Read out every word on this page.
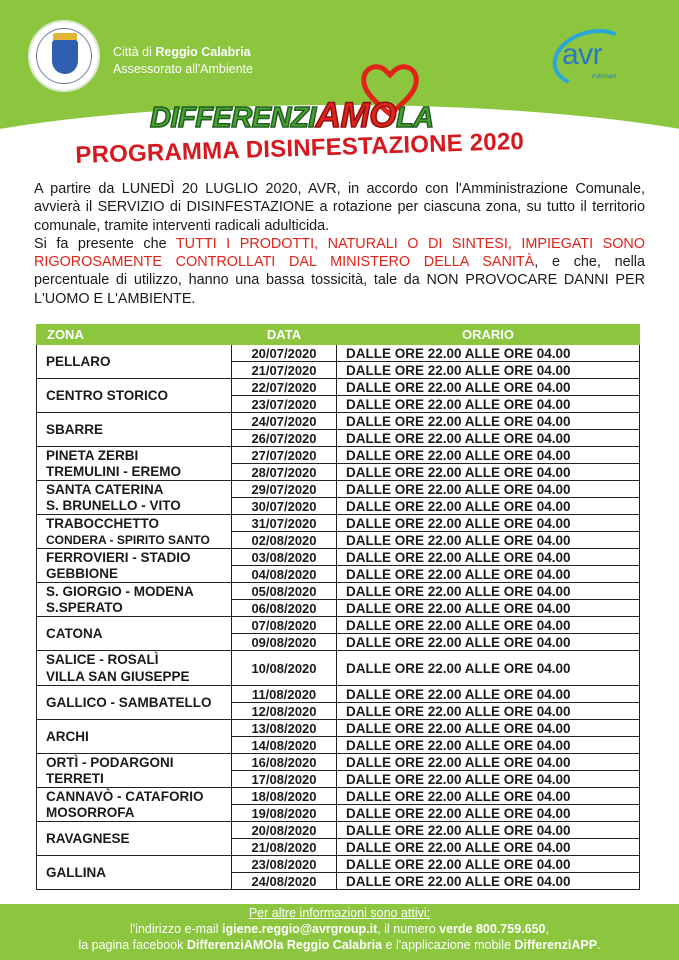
Città di Reggio Calabria
Assessorato all'Ambiente	avr
il domani
DIFFERENZIAMOLA
PROGRAMMA DISINFESTAZIONE 2020
A partire da LUNEDÌ 20 LUGLIO 2020, AVR, in accordo con l'Amministrazione Comunale, avvierà il SERVIZIO di DISINFESTAZIONE a rotazione per ciascuna zona, su tutto il territorio comunale, tramite interventi radicali adulticida.
Si fa presente che TUTTI I PRODOTTI, NATURALI O DI SINTESI, IMPIEGATI SONO RIGOROSAMENTE CONTROLLATI DAL MINISTERO DELLA SANITÀ, e che, nella percentuale di utilizzo, hanno una bassa tossicità, tale da NON PROVOCARE DANNI PER L'UOMO E L'AMBIENTE.
ZONA	DATA	ORARIO
PELLARO	20/07/2020	DALLE ORE 22.00 ALLE ORE 04.00
	21/07/2020	DALLE ORE 22.00 ALLE ORE 04.00
CENTRO STORICO	22/07/2020	DALLE ORE 22.00 ALLE ORE 04.00
	23/07/2020	DALLE ORE 22.00 ALLE ORE 04.00
SBARRE	24/07/2020	DALLE ORE 22.00 ALLE ORE 04.00
	26/07/2020	DALLE ORE 22.00 ALLE ORE 04.00
PINETA ZERBI
TREMULINI - EREMO	27/07/2020	DALLE ORE 22.00 ALLE ORE 04.00
	28/07/2020	DALLE ORE 22.00 ALLE ORE 04.00
SANTA CATERINA
S. BRUNELLO - VITO	29/07/2020	DALLE ORE 22.00 ALLE ORE 04.00
	30/07/2020	DALLE ORE 22.00 ALLE ORE 04.00
TRABOCCHETTO
CONDERA - SPIRITO SANTO	31/07/2020	DALLE ORE 22.00 ALLE ORE 04.00
	02/08/2020	DALLE ORE 22.00 ALLE ORE 04.00
FERROVIERI - STADIO
GEBBIONE	03/08/2020	DALLE ORE 22.00 ALLE ORE 04.00
	04/08/2020	DALLE ORE 22.00 ALLE ORE 04.00
S. GIORGIO - MODENA
S.SPERATO	05/08/2020	DALLE ORE 22.00 ALLE ORE 04.00
	06/08/2020	DALLE ORE 22.00 ALLE ORE 04.00
CATONA	07/08/2020	DALLE ORE 22.00 ALLE ORE 04.00
	09/08/2020	DALLE ORE 22.00 ALLE ORE 04.00
SALICE - ROSALÌ
VILLA SAN GIUSEPPE	10/08/2020	DALLE ORE 22.00 ALLE ORE 04.00
GALLICO - SAMBATELLO	11/08/2020	DALLE ORE 22.00 ALLE ORE 04.00
	12/08/2020	DALLE ORE 22.00 ALLE ORE 04.00
ARCHI	13/08/2020	DALLE ORE 22.00 ALLE ORE 04.00
	14/08/2020	DALLE ORE 22.00 ALLE ORE 04.00
ORTÌ - PODARGONI
TERRETI	16/08/2020	DALLE ORE 22.00 ALLE ORE 04.00
	17/08/2020	DALLE ORE 22.00 ALLE ORE 04.00
CANNAVÒ - CATAFORIO
MOSORROFA	18/08/2020	DALLE ORE 22.00 ALLE ORE 04.00
	19/08/2020	DALLE ORE 22.00 ALLE ORE 04.00
RAVAGNESE	20/08/2020	DALLE ORE 22.00 ALLE ORE 04.00
	21/08/2020	DALLE ORE 22.00 ALLE ORE 04.00
GALLINA	23/08/2020	DALLE ORE 22.00 ALLE ORE 04.00
	24/08/2020	DALLE ORE 22.00 ALLE ORE 04.00
Per altre informazioni sono attivi:
l'indirizzo e-mail igiene.reggio@avrgroup.it, il numero verde 800.759.650,
la pagina facebook DifferenziAMOla Reggio Calabria e l'applicazione mobile DifferenziAPP.
